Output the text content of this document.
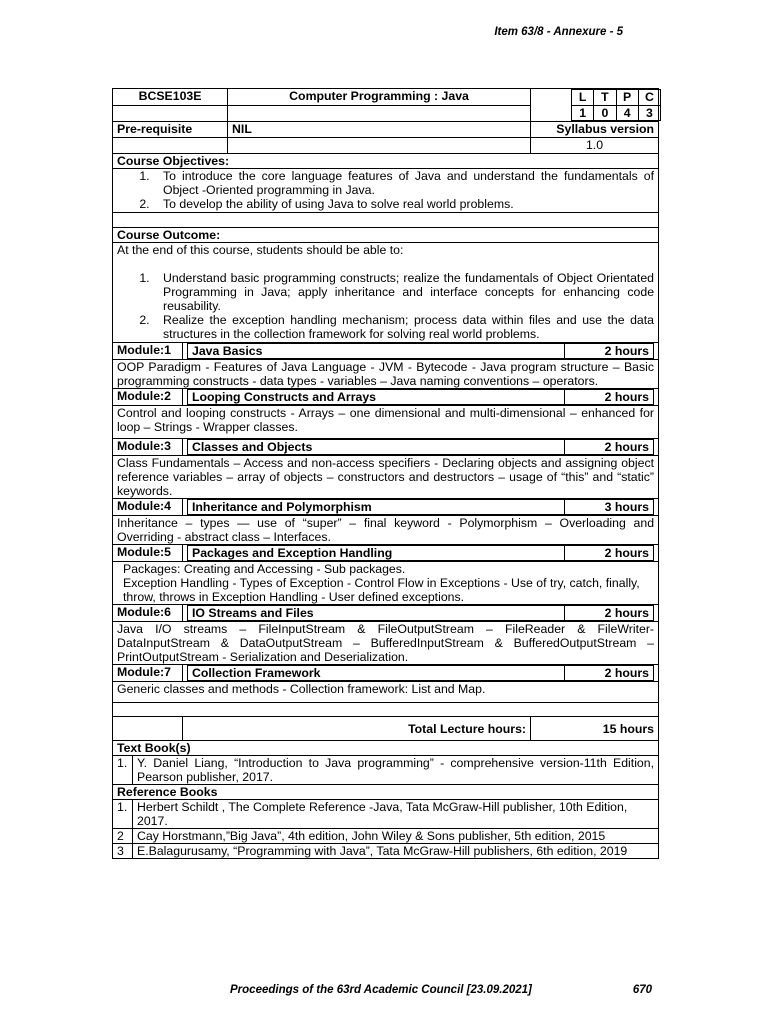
Item 63/8 - Annexure - 5
BCSE103E	Computer Programming : Java		L	T	P	C
1	0	4	3

Pre-requisite	NIL	Syllabus version
		1.0
Course Objectives:

1. To introduce the core language features of Java and understand the fundamentals of Object -Oriented programming in Java.
2. To develop the ability of using Java to solve real world problems.

Course Outcome:

At the end of this course, students should be able to:
1. Understand basic programming constructs; realize the fundamentals of Object Orientated Programming in Java; apply inheritance and interface concepts for enhancing code reusability.
2. Realize the exception handling mechanism; process data within files and use the data structures in the collection framework for solving real world problems.

Module:1	Java Basics	2 hours

OOP Paradigm - Features of Java Language - JVM - Bytecode - Java program structure – Basic programming constructs - data types - variables – Java naming conventions – operators.
Module:2	Looping Constructs and Arrays	2 hours

Control and looping constructs - Arrays – one dimensional and multi-dimensional – enhanced for loop – Strings - Wrapper classes.
Module:3	Classes and Objects	2 hours

Class Fundamentals – Access and non-access specifiers - Declaring objects and assigning object reference variables – array of objects – constructors and destructors – usage of “this” and “static” keywords.
Module:4	Inheritance and Polymorphism	3 hours

Inheritance – types — use of “super” – final keyword - Polymorphism – Overloading and Overriding - abstract class – Interfaces.
Module:5	Packages and Exception Handling	2 hours

Packages: Creating and Accessing - Sub packages.
Exception Handling - Types of Exception - Control Flow in Exceptions - Use of try, catch, finally, throw, throws in Exception Handling - User defined exceptions.
Module:6	IO Streams and Files	2 hours

Java I/O streams – FileInputStream & FileOutputStream – FileReader & FileWriter-DataInputStream & DataOutputStream – BufferedInputStream & BufferedOutputStream – PrintOutputStream - Serialization and Deserialization.
Module:7	Collection Framework	2 hours

Generic classes and methods - Collection framework: List and Map.

	Total Lecture hours:	15 hours
Text Book(s)
1.	Y. Daniel Liang, “Introduction to Java programming” - comprehensive version-11th Edition, Pearson publisher, 2017.
Reference Books
1.	Herbert Schildt , The Complete Reference -Java, Tata McGraw-Hill publisher, 10th Edition, 2017.
2	Cay Horstmann,”Big Java”, 4th edition, John Wiley & Sons publisher, 5th edition, 2015
3	E.Balagurusamy, “Programming with Java”, Tata McGraw-Hill publishers, 6th edition, 2019
Proceedings of the 63rd Academic Council [23.09.2021]	670
